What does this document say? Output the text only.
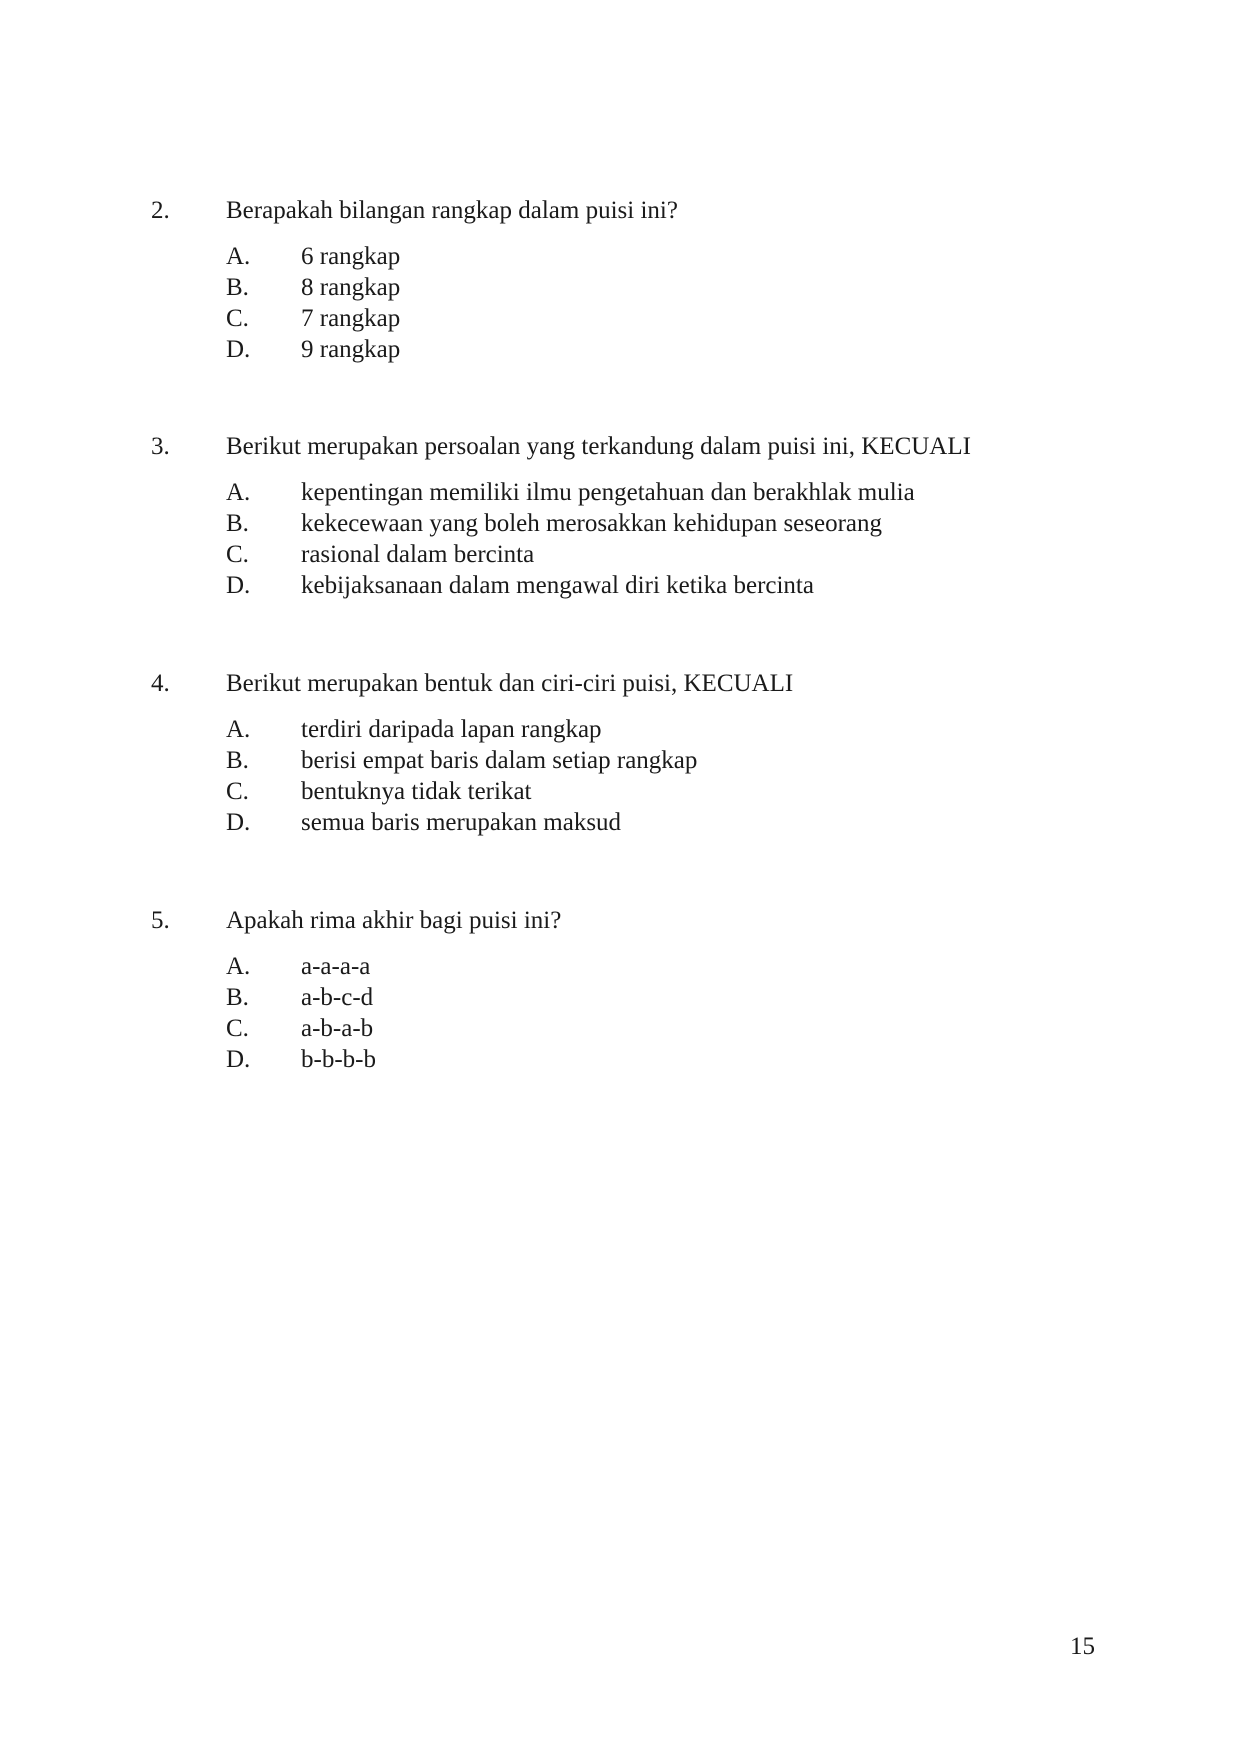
2. Berapakah bilangan rangkap dalam puisi ini?
A. 6 rangkap
B. 8 rangkap
C. 7 rangkap
D. 9 rangkap
3. Berikut merupakan persoalan yang terkandung dalam puisi ini, KECUALI
A. kepentingan memiliki ilmu pengetahuan dan berakhlak mulia
B. kekecewaan yang boleh merosakkan kehidupan seseorang
C. rasional dalam bercinta
D. kebijaksanaan dalam mengawal diri ketika bercinta
4. Berikut merupakan bentuk dan ciri-ciri puisi, KECUALI
A. terdiri daripada lapan rangkap
B. berisi empat baris dalam setiap rangkap
C. bentuknya tidak terikat
D. semua baris merupakan maksud
5. Apakah rima akhir bagi puisi ini?
A. a-a-a-a
B. a-b-c-d
C. a-b-a-b
D. b-b-b-b
15
